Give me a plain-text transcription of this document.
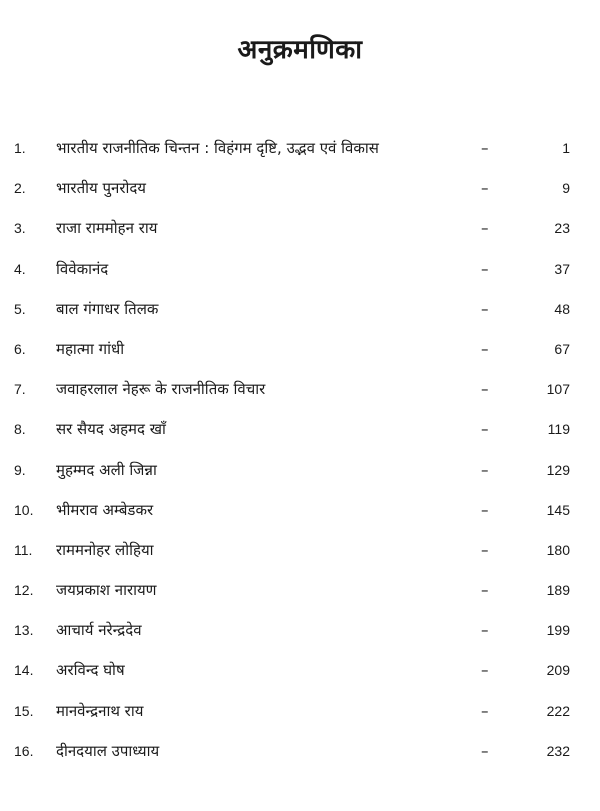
अनुक्रमणिका
1. भारतीय राजनीतिक चिन्तन : विहंगम दृष्टि, उद्भव एवं विकास	–	1
2. भारतीय पुनरोदय	–	9
3. राजा राममोहन राय	–	23
4. विवेकानंद	–	37
5. बाल गंगाधर तिलक	–	48
6. महात्मा गांधी	–	67
7. जवाहरलाल नेहरू के राजनीतिक विचार	–	107
8. सर सैयद अहमद खाँ	–	119
9. मुहम्मद अली जिन्ना	–	129
10. भीमराव अम्बेडकर	–	145
11. राममनोहर लोहिया	–	180
12. जयप्रकाश नारायण	–	189
13. आचार्य नरेन्द्रदेव	–	199
14. अरविन्द घोष	–	209
15. मानवेन्द्रनाथ राय	–	222
16. दीनदयाल उपाध्याय	–	232
